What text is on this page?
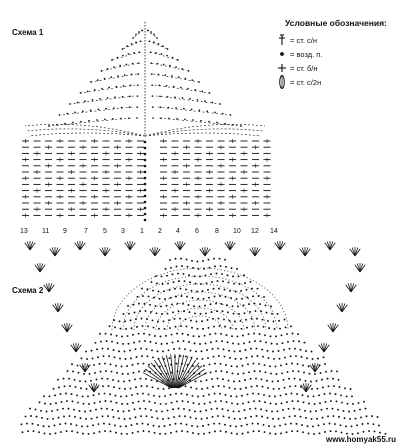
Схема 1
Схема 2
13 11 9 7 5 3 1 2 4 6 8 10 12 14
Условные обозначения:
= ст. с/н
= возд. п.
= ст. б/н
= ст. с/2н
www.homyak55.ru
